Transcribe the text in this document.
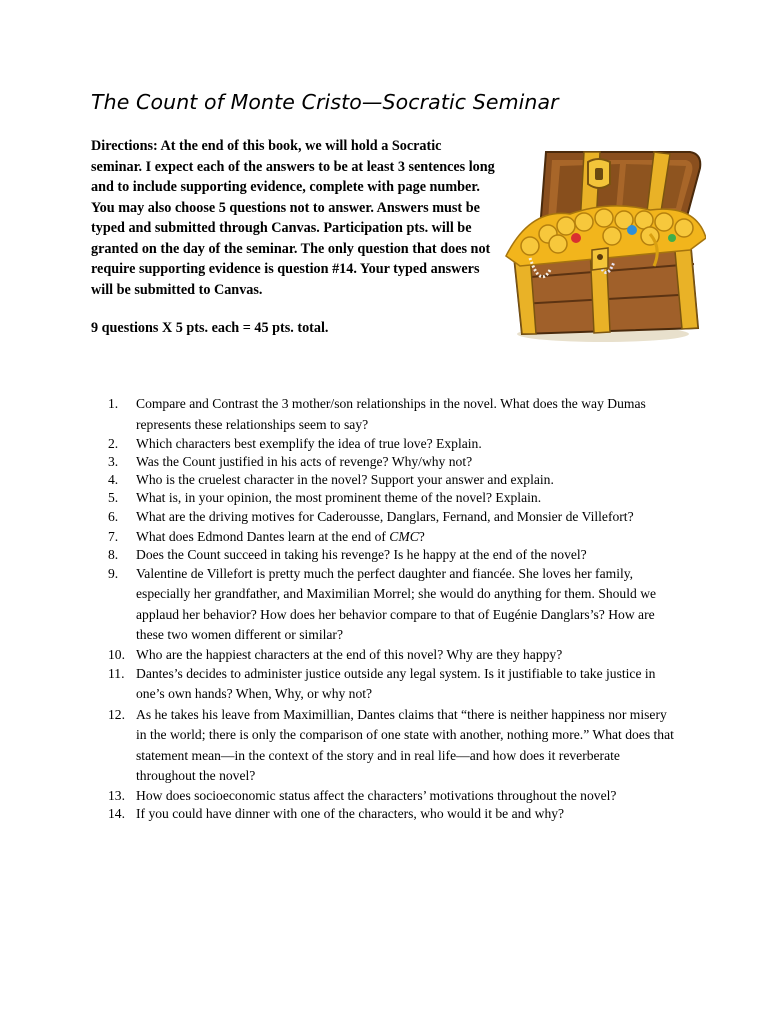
The Count of Monte Cristo—Socratic Seminar

Directions: At the end of this book, we will hold a Socratic seminar. I expect each of the answers to be at least 3 sentences long and to include supporting evidence, complete with page number. You may also choose 5 questions not to answer. Answers must be typed and submitted through Canvas. Participation pts. will be granted on the day of the seminar. The only question that does not require supporting evidence is question #14. Your typed answers will be submitted to Canvas.

9 questions X 5 pts. each = 45 pts. total.

1.	Compare and Contrast the 3 mother/son relationships in the novel. What does the way Dumas represents these relationships seem to say?
2.	Which characters best exemplify the idea of true love? Explain.
3.	Was the Count justified in his acts of revenge? Why/why not?
4.	Who is the cruelest character in the novel? Support your answer and explain.
5.	What is, in your opinion, the most prominent theme of the novel? Explain.
6.	What are the driving motives for Caderousse, Danglars, Fernand, and Monsier de Villefort?
7.	What does Edmond Dantes learn at the end of CMC?
8.	Does the Count succeed in taking his revenge? Is he happy at the end of the novel?
9.	Valentine de Villefort is pretty much the perfect daughter and fiancée. She loves her family, especially her grandfather, and Maximilian Morrel; she would do anything for them. Should we applaud her behavior? How does her behavior compare to that of Eugénie Danglars’s? How are these two women different or similar?
10. Who are the happiest characters at the end of this novel? Why are they happy?
11. Dantes’s decides to administer justice outside any legal system. Is it justifiable to take justice in one’s own hands? When, Why, or why not?
12. As he takes his leave from Maximillian, Dantes claims that “there is neither happiness nor misery in the world; there is only the comparison of one state with another, nothing more.” What does that statement mean—in the context of the story and in real life—and how does it reverberate throughout the novel?
13. How does socioeconomic status affect the characters’ motivations throughout the novel?
14. If you could have dinner with one of the characters, who would it be and why?
